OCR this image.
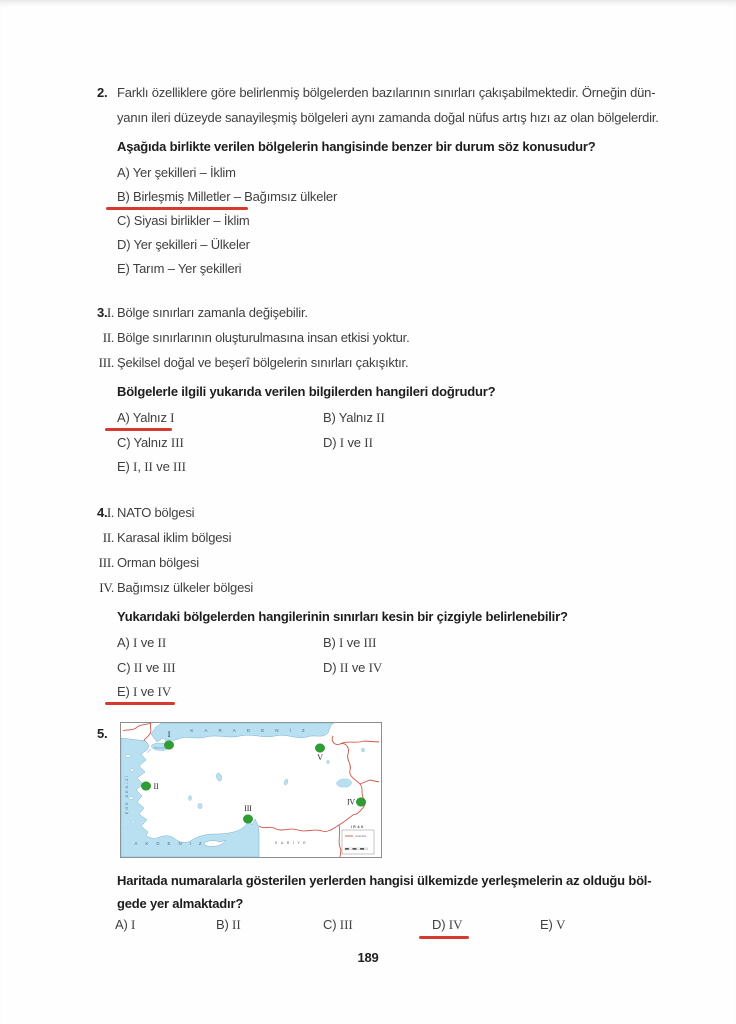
2. Farklı özelliklere göre belirlenmiş bölgelerden bazılarının sınırları çakışabilmektedir. Örneğin dün-
yanın ileri düzeyde sanayileşmiş bölgeleri aynı zamanda doğal nüfus artış hızı az olan bölgelerdir.
Aşağıda birlikte verilen bölgelerin hangisinde benzer bir durum söz konusudur?
A) Yer şekilleri – İklim
B) Birleşmiş Milletler – Bağımsız ülkeler
C) Siyasi birlikler – İklim
D) Yer şekilleri – Ülkeler
E) Tarım – Yer şekilleri
3. I. Bölge sınırları zamanla değişebilir.
II. Bölge sınırlarının oluşturulmasına insan etkisi yoktur.
III. Şekilsel doğal ve beşerî bölgelerin sınırları çakışıktır.
Bölgelerle ilgili yukarıda verilen bilgilerden hangileri doğrudur?
A) Yalnız I	B) Yalnız II
C) Yalnız III	D) I ve II
E) I, II ve III
4. I. NATO bölgesi
II. Karasal iklim bölgesi
III. Orman bölgesi
IV. Bağımsız ülkeler bölgesi
Yukarıdaki bölgelerden hangilerinin sınırları kesin bir çizgiyle belirlenebilir?
A) I ve II	B) I ve III
C) II ve III	D) II ve IV
E) I ve IV
5.	KARADENİZ
EGE DENİZİ
Marmara Denizi
AKDENİZ	SURİYE
IRAK
Devlet Sınırı
I
II
III
IV
V
Haritada numaralarla gösterilen yerlerden hangisi ülkemizde yerleşmelerin az olduğu böl-
gede yer almaktadır?
A) I	B) II	C) III	D) IV	E) V
189
